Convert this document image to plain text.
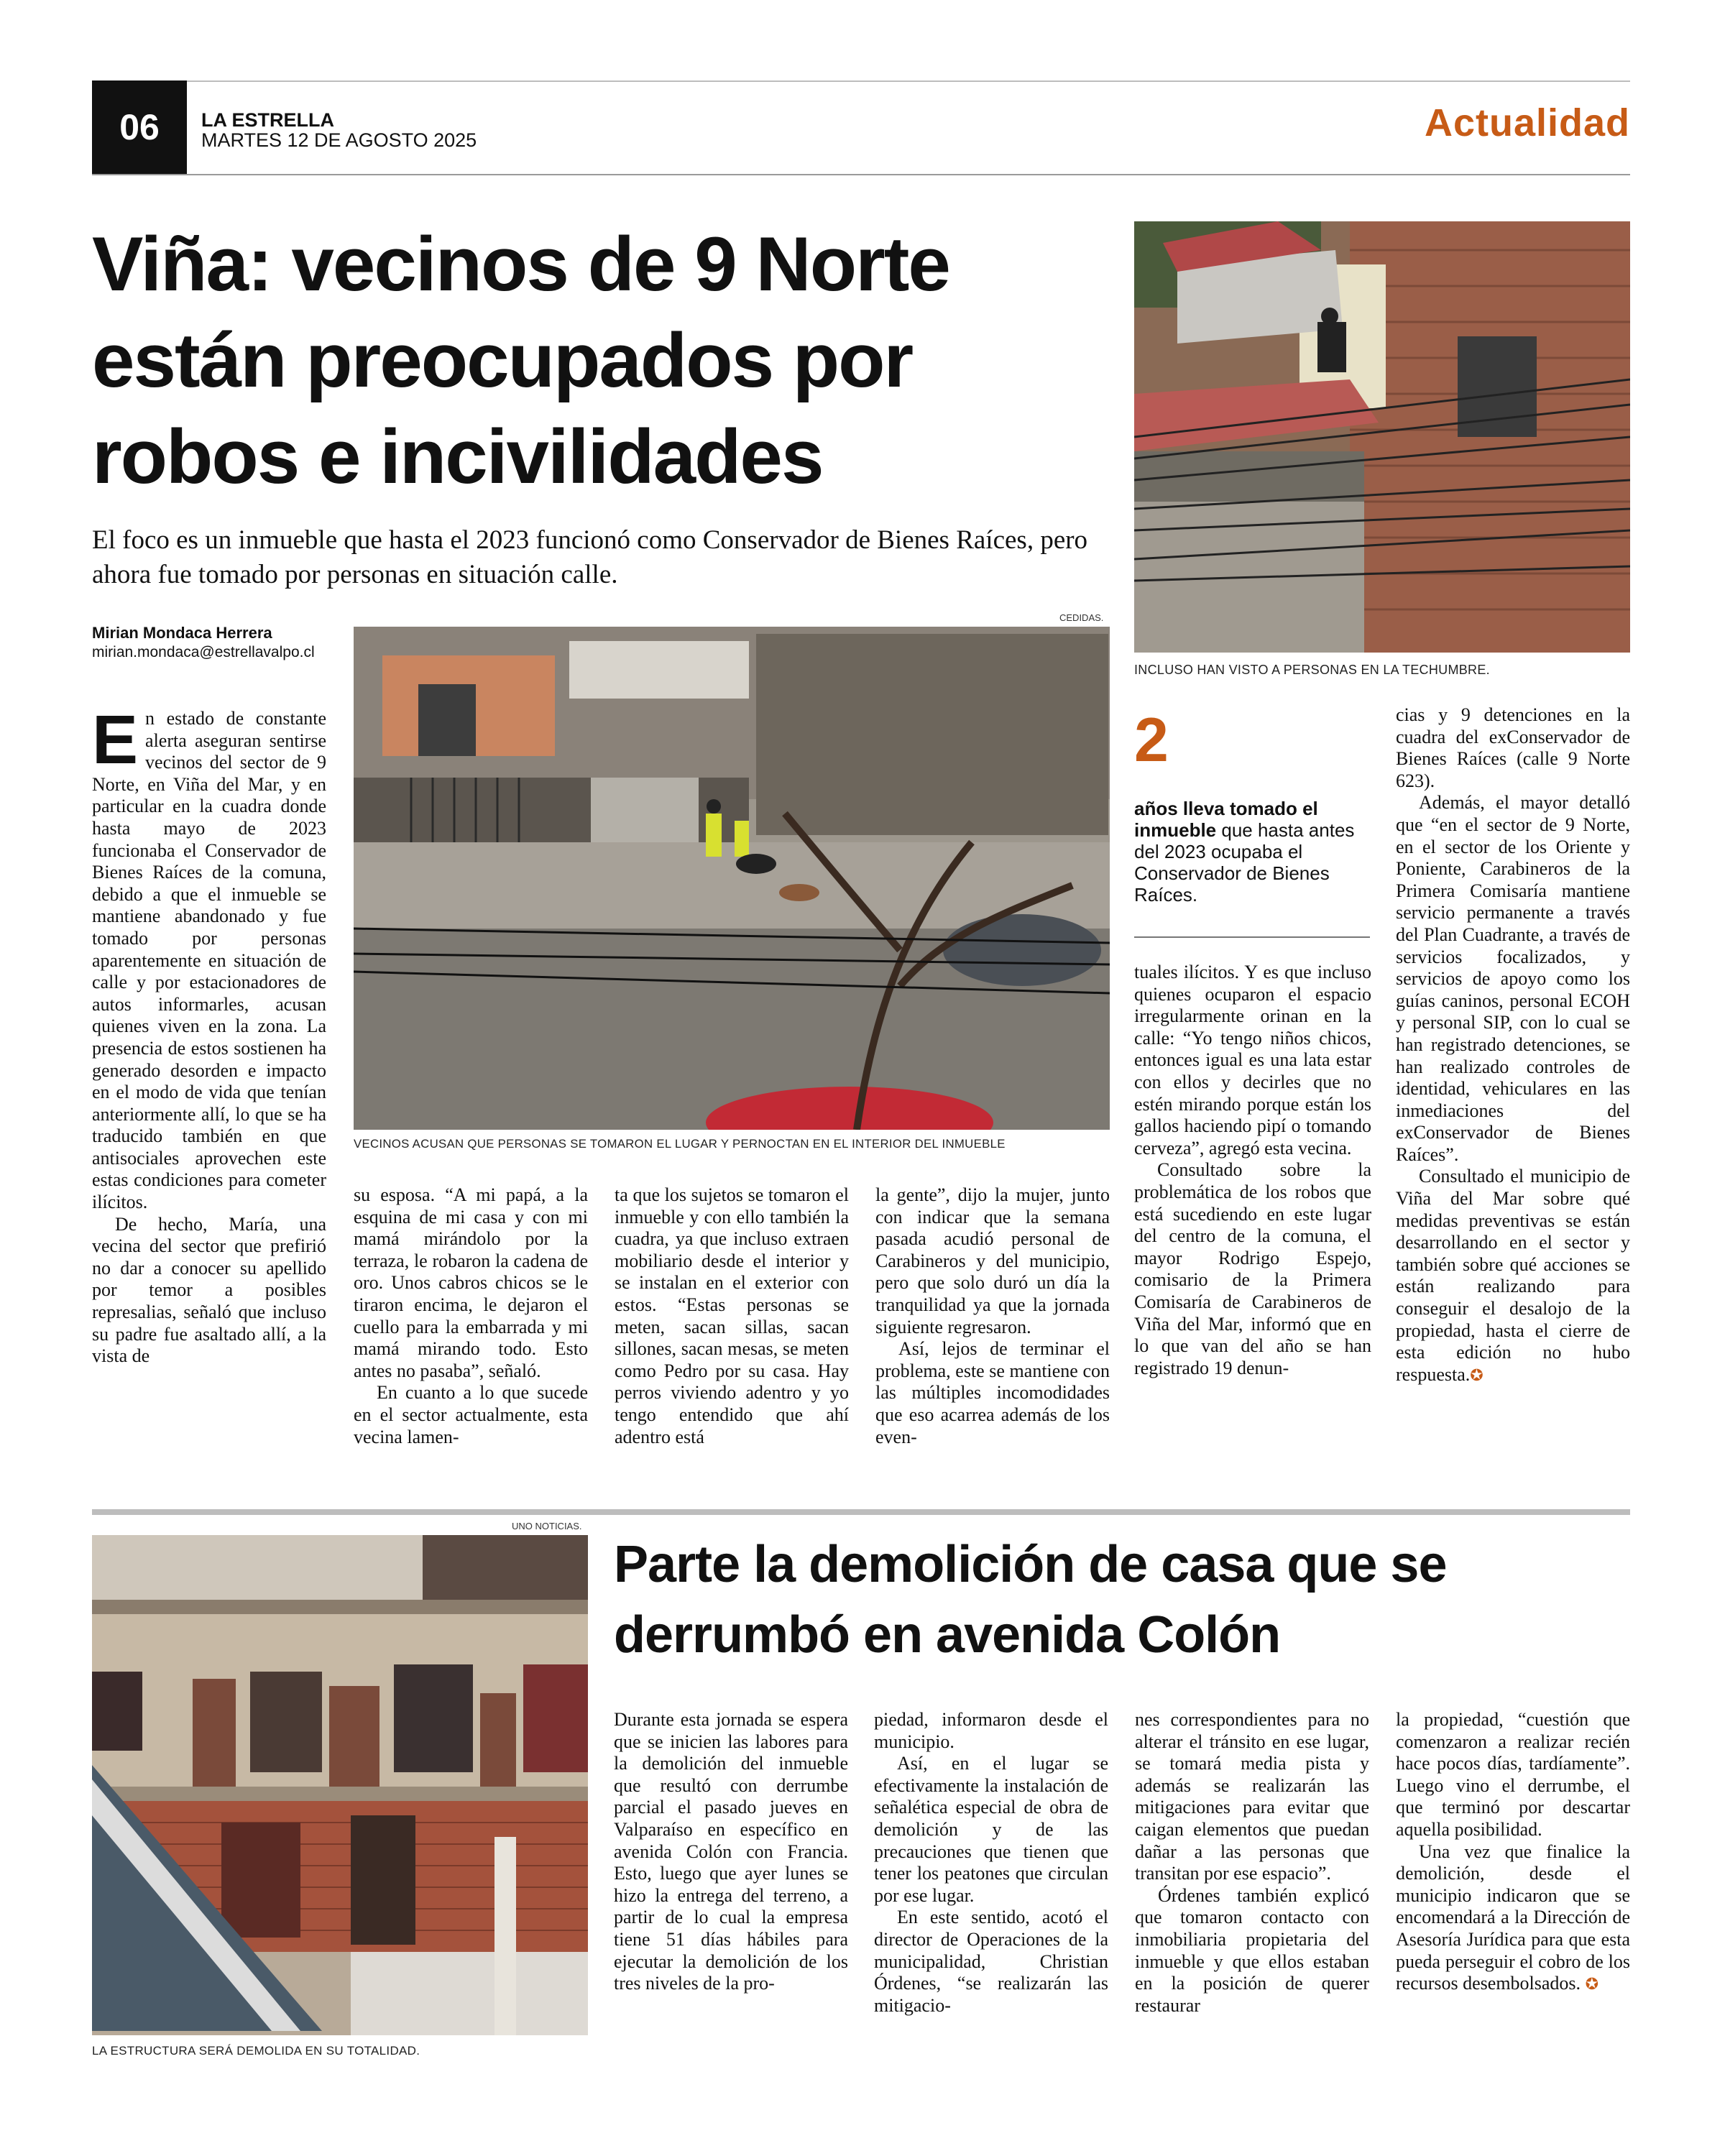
06	LA ESTRELLA
MARTES 12 DE AGOSTO 2025	Actualidad
Viña: vecinos de 9 Norte están preocupados por robos e incivilidades

El foco es un inmueble que hasta el 2023 funcionó como Conservador de Bienes Raíces, pero ahora fue tomado por personas en situación calle.

Mirian Mondaca Herrera
mirian.mondaca@estrellavalpo.cl
INCLUSO HAN VISTO A PERSONAS EN LA TECHUMBRE.
CEDIDAS.
VECINOS ACUSAN QUE PERSONAS SE TOMARON EL LUGAR Y PERNOCTAN EN EL INTERIOR DEL INMUEBLE

En estado de constante alerta aseguran sentirse vecinos del sector de 9 Norte, en Viña del Mar, y en particular en la cuadra donde hasta mayo de 2023 funcionaba el Conservador de Bienes Raíces de la comuna, debido a que el inmueble se mantiene abandonado y fue tomado por personas aparentemente en situación de calle y por estacionadores de autos informarles, acusan quienes viven en la zona. La presencia de estos sostienen ha generado desorden e impacto en el modo de vida que tenían anteriormente allí, lo que se ha traducido también en que antisociales aprovechen este estas condiciones para cometer ilícitos.

De hecho, María, una vecina del sector que prefirió no dar a conocer su apellido por temor a posibles represalias, señaló que incluso su padre fue asaltado allí, a la vista de

su esposa. “A mi papá, a la esquina de mi casa y con mi mamá mirándolo por la terraza, le robaron la cadena de oro. Unos cabros chicos se le tiraron encima, le dejaron el cuello para la embarrada y mi mamá mirando todo. Esto antes no pasaba”, señaló.

En cuanto a lo que sucede en el sector actualmente, esta vecina lamen-

ta que los sujetos se tomaron el inmueble y con ello también la cuadra, ya que incluso extraen mobiliario desde el interior y se instalan en el exterior con estos. “Estas personas se meten, sacan sillas, sacan sillones, sacan mesas, se meten como Pedro por su casa. Hay perros viviendo adentro y yo tengo entendido que ahí adentro está

la gente”, dijo la mujer, junto con indicar que la semana pasada acudió personal de Carabineros y del municipio, pero que solo duró un día la tranquilidad ya que la jornada siguiente regresaron.

Así, lejos de terminar el problema, este se mantiene con las múltiples incomodidades que eso acarrea además de los even-

2
años lleva tomado el inmueble que hasta antes del 2023 ocupaba el Conservador de Bienes Raíces.

tuales ilícitos. Y es que incluso quienes ocuparon el espacio irregularmente orinan en la calle: “Yo tengo niños chicos, entonces igual es una lata estar con ellos y decirles que no estén mirando porque están los gallos haciendo pipí o tomando cerveza”, agregó esta vecina.

Consultado sobre la problemática de los robos que está sucediendo en este lugar del centro de la comuna, el mayor Rodrigo Espejo, comisario de la Primera Comisaría de Carabineros de Viña del Mar, informó que en lo que van del año se han registrado 19 denun-

cias y 9 detenciones en la cuadra del exConservador de Bienes Raíces (calle 9 Norte 623).

Además, el mayor detalló que “en el sector de 9 Norte, en el sector de los Oriente y Poniente, Carabineros de la Primera Comisaría mantiene servicio permanente a través del Plan Cuadrante, a través de servicios focalizados, y servicios de apoyo como los guías caninos, personal ECOH y personal SIP, con lo cual se han registrado detenciones, se han realizado controles de identidad, vehiculares en las inmediaciones del exConservador de Bienes Raíces”.

Consultado el municipio de Viña del Mar sobre qué medidas preventivas se están desarrollando en el sector y también sobre qué acciones se están realizando para conseguir el desalojo de la propiedad, hasta el cierre de esta edición no hubo respuesta.✪

UNO NOTICIAS.
LA ESTRUCTURA SERÁ DEMOLIDA EN SU TOTALIDAD.
Parte la demolición de casa que se derrumbó en avenida Colón

Durante esta jornada se espera que se inicien las labores para la demolición del inmueble que resultó con derrumbe parcial el pasado jueves en Valparaíso en específico en avenida Colón con Francia. Esto, luego que ayer lunes se hizo la entrega del terreno, a partir de lo cual la empresa tiene 51 días hábiles para ejecutar la demolición de los tres niveles de la pro-

piedad, informaron desde el municipio.

Así, en el lugar se efectivamente la instalación de señalética especial de obra de demolición y de las precauciones que tienen que tener los peatones que circulan por ese lugar.

En este sentido, acotó el director de Operaciones de la municipalidad, Christian Órdenes, “se realizarán las mitigacio-

nes correspondientes para no alterar el tránsito en ese lugar, se tomará media pista y además se realizarán las mitigaciones para evitar que caigan elementos que puedan dañar a las personas que transitan por ese espacio”.

Órdenes también explicó que tomaron contacto con inmobiliaria propietaria del inmueble y que ellos estaban en la posición de querer restaurar

la propiedad, “cuestión que comenzaron a realizar recién hace pocos días, tardíamente”. Luego vino el derrumbe, el que terminó por descartar aquella posibilidad.

Una vez que finalice la demolición, desde el municipio indicaron que se encomendará a la Dirección de Asesoría Jurídica para que esta pueda perseguir el cobro de los recursos desembolsados. ✪
